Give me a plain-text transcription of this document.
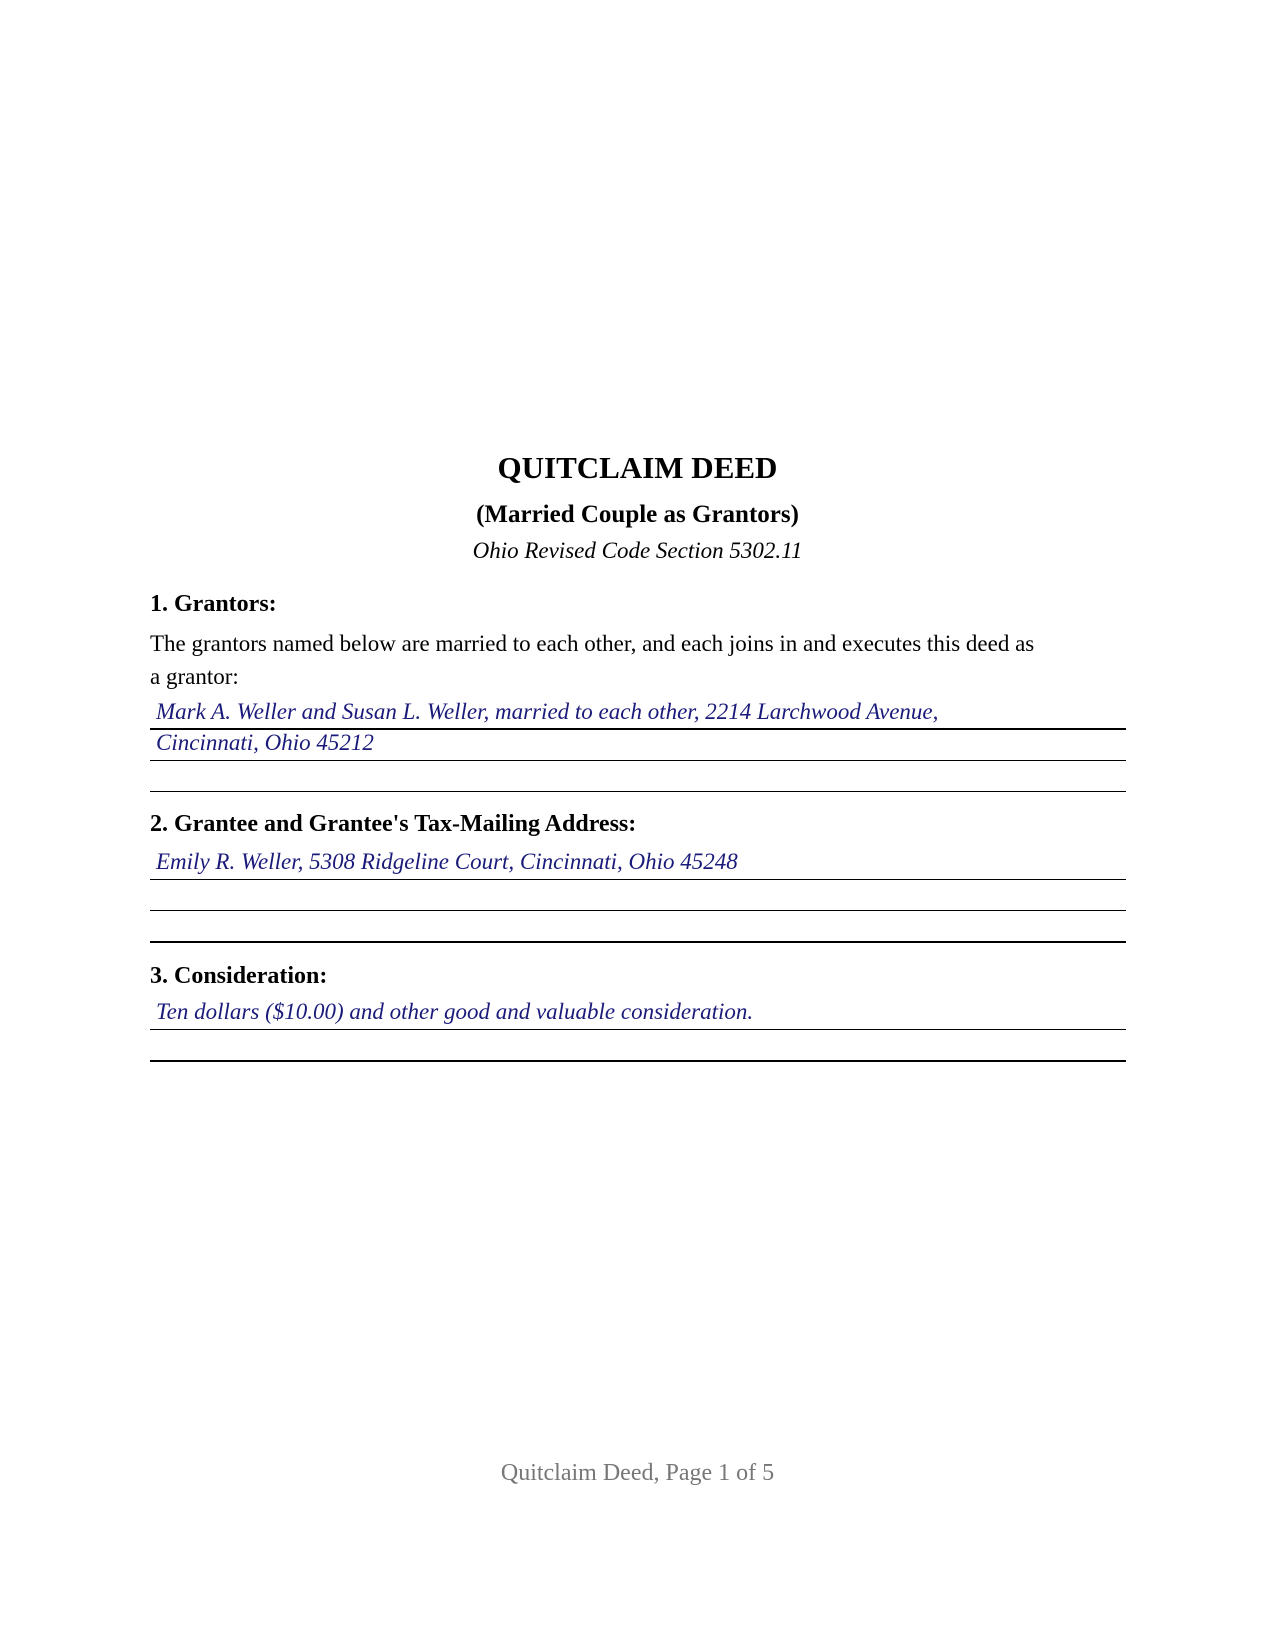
QUITCLAIM DEED
(Married Couple as Grantors)
Ohio Revised Code Section 5302.11
1. Grantors:
The grantors named below are married to each other, and each joins in and executes this deed as
a grantor:
Mark A. Weller and Susan L. Weller, married to each other, 2214 Larchwood Avenue,
Cincinnati, Ohio 45212
2. Grantee and Grantee's Tax-Mailing Address:
Emily R. Weller, 5308 Ridgeline Court, Cincinnati, Ohio 45248
3. Consideration:
Ten dollars ($10.00) and other good and valuable consideration.
Quitclaim Deed, Page 1 of 5
